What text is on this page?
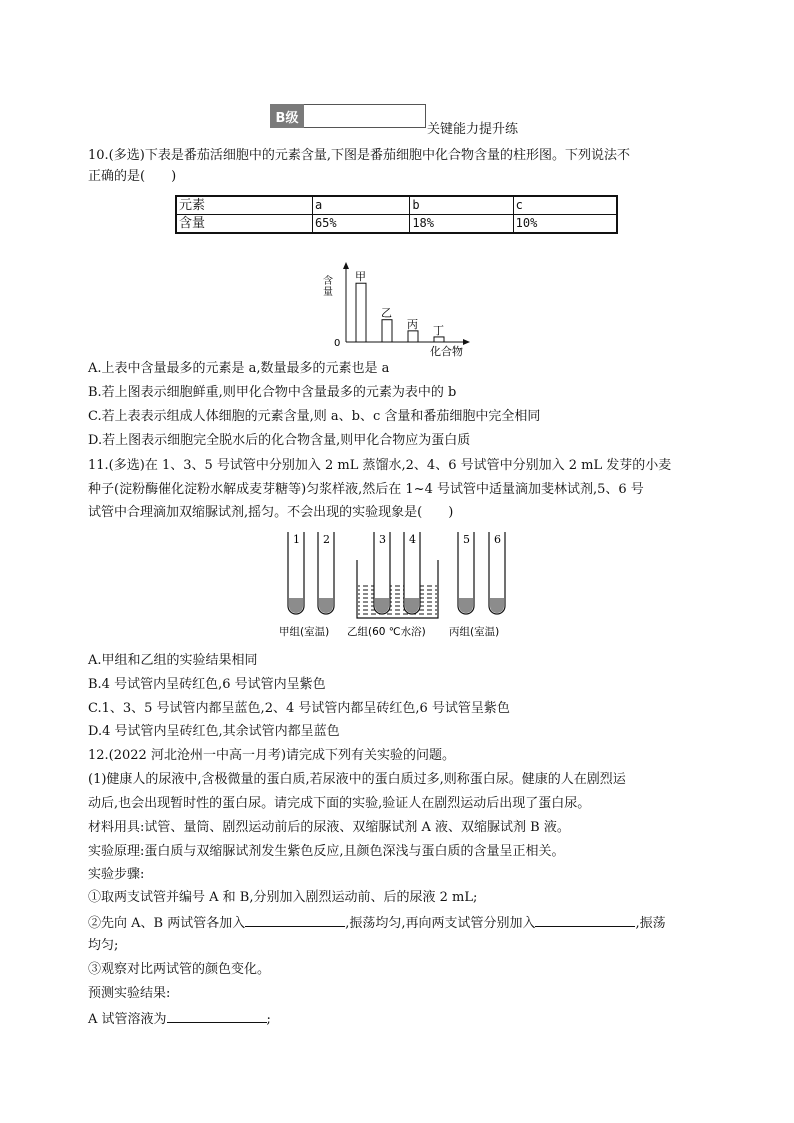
B级
关键能力提升练
10.(多选)下表是番茄活细胞中的元素含量,下图是番茄细胞中化合物含量的柱形图。下列说法不
正确的是(　　)
元素	a	b	c
含量	65%	18%	10%
含
量
0
化合物
甲
乙
丙 丁
A.上表中含量最多的元素是 a,数量最多的元素也是 a
B.若上图表示细胞鲜重,则甲化合物中含量最多的元素为表中的 b
C.若上表表示组成人体细胞的元素含量,则 a、b、c 含量和番茄细胞中完全相同
D.若上图表示细胞完全脱水后的化合物含量,则甲化合物应为蛋白质
11.(多选)在 1、3、5 号试管中分别加入 2 mL 蒸馏水,2、4、6 号试管中分别加入 2 mL 发芽的小麦
种子(淀粉酶催化淀粉水解成麦芽糖等)匀浆样液,然后在 1~4 号试管中适量滴加斐林试剂,5、6 号
试管中合理滴加双缩脲试剂,摇匀。不会出现的实验现象是(　　)
1 2	3 4	5 6
甲组(室温) 乙组(60 ℃水浴) 丙组(室温)
A.甲组和乙组的实验结果相同
B.4 号试管内呈砖红色,6 号试管内呈紫色
C.1、3、5 号试管内都呈蓝色,2、4 号试管内都呈砖红色,6 号试管呈紫色
D.4 号试管内呈砖红色,其余试管内都呈蓝色
12.(2022 河北沧州一中高一月考)请完成下列有关实验的问题。
(1)健康人的尿液中,含极微量的蛋白质,若尿液中的蛋白质过多,则称蛋白尿。健康的人在剧烈运
动后,也会出现暂时性的蛋白尿。请完成下面的实验,验证人在剧烈运动后出现了蛋白尿。
材料用具:试管、量筒、剧烈运动前后的尿液、双缩脲试剂 A 液、双缩脲试剂 B 液。
实验原理:蛋白质与双缩脲试剂发生紫色反应,且颜色深浅与蛋白质的含量呈正相关。
实验步骤:
①取两支试管并编号 A 和 B,分别加入剧烈运动前、后的尿液 2 mL;
②先向 A、B 两试管各加入	,振荡均匀,再向两支试管分别加入	,振荡
均匀;
③观察对比两试管的颜色变化。
预测实验结果:
A 试管溶液为	;
